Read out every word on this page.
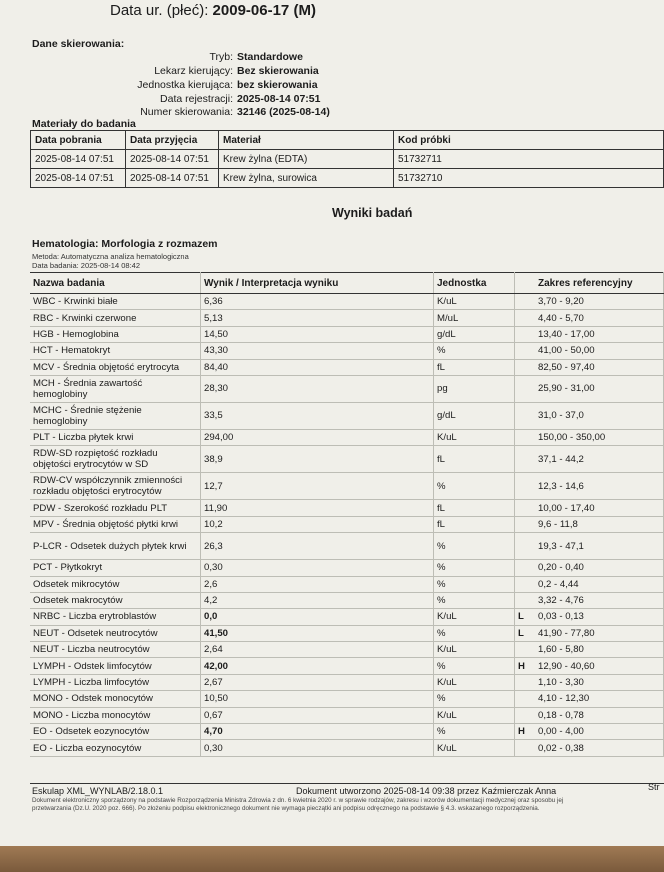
Data ur. (płeć): 2009-06-17 (M)
Dane skierowania:
Tryb: Standardowe
Lekarz kierujący: Bez skierowania
Jednostka kierująca: bez skierowania
Data rejestracji: 2025-08-14 07:51
Numer skierowania: 32146 (2025-08-14)
Materiały do badania
Data pobrania	Data przyjęcia	Materiał	Kod próbki
2025-08-14 07:51	2025-08-14 07:51	Krew żylna (EDTA)	51732711
2025-08-14 07:51	2025-08-14 07:51	Krew żylna, surowica	51732710
Wyniki badań
Hematologia: Morfologia z rozmazem
Metoda: Automatyczna analiza hematologiczna
Data badania: 2025-08-14 08:42
Nazwa badania	Wynik / Interpretacja wyniku	Jednostka		Zakres referencyjny
WBC - Krwinki białe	6,36	K/uL		3,70 - 9,20
RBC - Krwinki czerwone	5,13	M/uL		4,40 - 5,70
HGB - Hemoglobina	14,50	g/dL		13,40 - 17,00
HCT - Hematokryt	43,30	%		41,00 - 50,00
MCV - Średnia objętość erytrocyta	84,40	fL		82,50 - 97,40
MCH - Średnia zawartość hemoglobiny	28,30	pg		25,90 - 31,00
MCHC - Średnie stężenie hemoglobiny	33,5	g/dL		31,0 - 37,0
PLT - Liczba płytek krwi	294,00	K/uL		150,00 - 350,00
RDW-SD rozpiętość rozkładu objętości erytrocytów w SD	38,9	fL		37,1 - 44,2
RDW-CV współczynnik zmienności rozkładu objętości erytrocytów	12,7	%		12,3 - 14,6
PDW - Szerokość rozkładu PLT	11,90	fL		10,00 - 17,40
MPV - Średnia objętość płytki krwi	10,2	fL		9,6 - 11,8
P-LCR - Odsetek dużych płytek krwi	26,3	%		19,3 - 47,1
PCT - Płytkokryt	0,30	%		0,20 - 0,40
Odsetek mikrocytów	2,6	%		0,2 - 4,44
Odsetek makrocytów	4,2	%		3,32 - 4,76
NRBC - Liczba erytroblastów	0,0	K/uL	L	0,03 - 0,13
NEUT - Odsetek neutrocytów	41,50	%	L	41,90 - 77,80
NEUT - Liczba neutrocytów	2,64	K/uL		1,60 - 5,80
LYMPH - Odstek limfocytów	42,00	%	H	12,90 - 40,60
LYMPH - Liczba limfocytów	2,67	K/uL		1,10 - 3,30
MONO - Odstek monocytów	10,50	%		4,10 - 12,30
MONO - Liczba monocytów	0,67	K/uL		0,18 - 0,78
EO - Odsetek eozynocytów	4,70	%	H	0,00 - 4,00
EO - Liczba eozynocytów	0,30	K/uL		0,02 - 0,38
Eskulap XML_WYNLAB/2.18.0.1	Dokument utworzono 2025-08-14 09:38 przez Kaźmierczak Anna	Str
Dokument elektroniczny sporządzony na podstawie Rozporządzenia Ministra Zdrowia z dn. 6 kwietnia 2020 r. w sprawie rodzajów, zakresu i wzorów dokumentacji medycznej oraz sposobu jej
przetwarzania (Dz.U. 2020 poz. 666). Po złożeniu podpisu elektronicznego dokument nie wymaga pieczątki ani podpisu odręcznego na podstawie § 4.3. wskazanego rozporządzenia.
